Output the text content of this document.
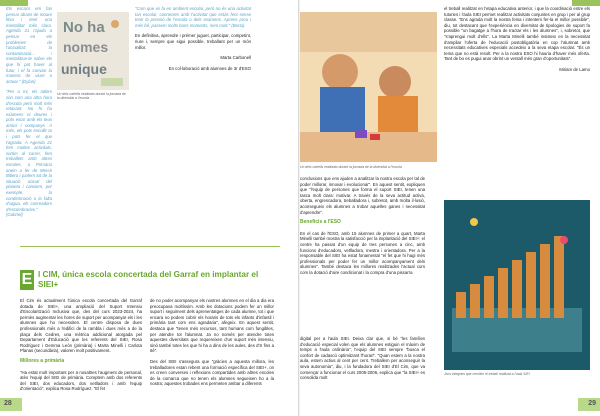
Els escacs em fan pensar abans de moure fitxa i tenir una mentalitat més clara. Agenda 21 t'ajuda a pensar en els problemes de l'actualitat: la contaminació... i mentalitzar-te sobre els que hi pot haver al futur, i el fa canviar la manera de viure o actuar." (Dylan)

"Per a mi, els tallers són com una altra hora d'escola però molt més relaxant. No hi ha exàmens ni deures i pots estar amb els teus amics i companys. A més, els pots escollir tu i pots fer el que t'agrada. A Agenda 21 fem moltes activitats, sortim al carrer, fem treballets amb altres escoles, a Primària anem a fer de Mercè Bitlera i parlem tot de la situació actual del planeta i canviem, per exemple, la condemnació o la falta d'aigua, els conreadors d'escombraries." (Gabriel)

No ha
nomes
unique
Un dels cartells realitzats durant la jornada de la diversitat a l'escola

"Com que es fa en ambient escolar, però no és una activitat tan escolar, connectes amb l'activitat que estàs fent sense tenir la pressió de l'escola o dels exàmens. Aprens prou i més bé, passem molts bons moments, riem molt." (Berta)

En definitiva, aprendre i prémer juguet, participar, competint, riure i, sempre que sigui possible, treballant per un món millor.

Marta Carbonell

En col·laboració amb alumnes de 3r d'ESO

E l CIM, única escola concertada del Garraf en implantar el SIEI+

El Cim és actualment l'única escola concertada del Garraf dotada de SIEI+, una ampliació del Suport Intensiu d'Escolarització Inclusiva que, des del curs 2023-2024, ha permès augmentar les hores de suport per acompanyar els i les alumnes que ho necessiten. El centre disposa de dues professionals més a l'edifici de la rambla i dues més a de la plaça dels Cedres, una mètrica addicional atorgada pel Departament d'Educació que les referents del SIEI, Rosa Rodríguez i Gemma León (primària) i Marta Minelli i Carlota Planas (secundària), valoren molt positivament.

Millores a primària

"Ha estat molt important per a nosaltres l'augment de personal, atès l'equip del SIEI de primària. Comptem amb dos referents del SIEI, dos educadors, dos vetlladors i amb l'equip d'orientació", explica Rosa Rodríguez. "El fet

de no poder acompanyar els nostres alumnes en el dia a dia era preocupava moltíssim. Amb les dotacions podem fer un millor suport i seguiment dels aprenentatges de cada alumne, tot i que encara no podem cobrir els horaris de tots els infants d'infantil i primària tant com ens agradaria", afegeix. En aquest sentit, destaca que "tenen més recursos, tant humans com fungibles, per atendre tot l'alumnat. Ja no només per atendre totes aquestes diversitats que requereixen d'un suport més intensiu, sinó també totes les que hi ha a dins de les aules, des d'S fins a 6è".

Des del SIEI s'assegura que "gràcies a aquesta millora, les treballadores estan rebent una formació específica del SIEI+, on es creen converses i reflexions compartides amb altres escoles de la comarca que no tenen els alumnes segueixen ho a la nostra; aquestes trobades ens permeten ambar a diferents

28
Un dels cartells realitzats durant la jornada de la diversitat a l'escola

conclusions que ens ajuden a analitzar la nostra escola per tal de poder millorar, innovar i evolucionar". En aquest sentit, expliquen que "l'equip de persones que forma el suport SIEI, tenen una tasca molt clara: motivar. A través de la seva actitud activa, oberta, engrescadora, treballadora i, sobretot, amb molta il·lusió, aconsegueix els alumnes a trobar aquelles ganes i necessitat d'aprendre".

Beneficis a l'ESO

En el cas de l'ESO, amb 15 alumnes de primer a quart, Marta Minelli també mostra la satisfacció per la implantació del SIEI+: el centre ha passat d'un equip de tres persones a cinc, amb funcions d'educadors, vetlladora, mestra i orientadora. Per a la responsable del SIEI ha estat fonamental "el fet que hi hagi més professionals per poder fer un millor acompanyament dels alumnes". També destaca les millores realitzades l'actual curs com la dotació d'aire condicionat i la compra d'una pissarra

digital per a l'aula SIEI. Deixa clar que, si bé "les famílies d'educació especial volen que els alumnes estiguin el màxim de temps a l'aula ordinària", l'equip del SIEI sempre "busca el confort de cadascú optimitzant l'horari". "Quan estem a la nostra aula, estem actius al cent per cent. Treballem per aconseguir la seva autonomia", diu, i la fundadora del SIEI d'El Cim, que va començar a funcionar el curs 2005-2006, explica que "la SIEI+ es consolida molt

el treball realitzat en l'etapa educativa anterior, i que la coordinació entre els tutories i l'aula SIEI permet realitzar activitats conjuntes en grup i per al grup classe. "Ens agrada molt la nostra feina i intentem fer-la el millor possible", diu, tot destacant que l'experiència en diversitat de tipologies de suport fa possible "un bagatge a l'hora de tractar els i les alumnes", i, sobretot, que "s'aprengui molt d'ells". La Marta Minelli també insisteix en la necessitat d'ampliar l'oferta de l'educació postobligatòria en cop l'alumnat amb necessitats educatives especials accedeix a la seva etapa escolar. "És un tema que no està resolt. Per a la nostra ESO hi hauria d'haver més oferta. Tant de bo es pugui anar obrint un ventall més gran d'oportunitats".

Miriam de Lamo

Jocs integrats que recollim el treball realitzat a l'aula SIEI
29
